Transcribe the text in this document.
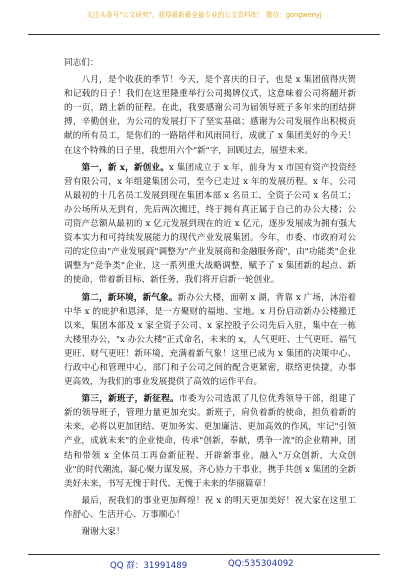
关注头条号"公文研究"，获得最新最全最专业的公文资料库！ 微信：gongwenyj

同志们：

八月，是个收获的季节！今天，是个喜庆的日子，也是 x 集团值得庆贺和记载的日子！我们在这里隆重举行公司揭牌仪式，这意味着公司将翻开新的一页，踏上新的征程。在此，我要感谢公司为届领导班子多年来的团结拼搏，辛勤创业，为公司的发展打下了坚实基础；感谢为公司发展作出积极贡献的所有员工，是你们的一路陪伴和风雨同行，成就了 x 集团美好的今天！在这个特殊的日子里，我想用六个"新"字，回顾过去，展望未来。

第一，新 x，新创业。x 集团成立于 x 年，前身为 x 市国有资产投资经营有限公司，x 年组建集团公司，至今已走过 x 年的发展历程。x 年，公司从最初的十几名员工发展到现在集团本部 x 名员工、全资子公司 x 名员工；办公场所从无到有，先后两次搬迁，终于拥有真正属于自己的办公大楼；公司资产总额从最初的 x 亿元发展到现在的近 x 亿元，逐步发展成为拥有强大资本实力和可持续发展能力的现代产业发展集团。今年，市委、市政府对公司的定位由"产业发展商"调整为"产业发展商和金融服务商"，由"功能类"企业调整为"竞争类"企业，这一系列重大战略调整，赋予了 x 集团新的起点、新的使命，带着新目标、新任务，我们将开启新一轮创业。

第二，新环境，新气象。新办公大楼，面朝 x 湖，背靠 x 广场，沐浴着中华 x 的庇护和恩泽，是一方聚财的福地、宝地。x 月份启动新办公楼搬迁以来，集团本部及 x 家全资子公司、x 家控股子公司先后入驻，集中在一栋大楼里办公，"x 办公大楼"正式命名，未来的 x，人气更旺、士气更旺、福气更旺、财气更旺！新环境，充满着新气象！这里已成为 x 集团的决策中心、行政中心和管理中心，部门和子公司之间的配合更紧密，联络更快捷，办事更高效，为我们的事业发展提供了高效的运作平台。

第三，新班子，新征程。市委为公司选派了几位优秀领导干部，组建了新的领导班子，管理力量更加充实。新班子，肩负着新的使命，担负着新的未来，必将以更加团结、更加务实、更加廉洁、更加高效的作风，牢记"引领产业，成就未来"的企业使命，传承"创新，奉献，勇争一流"的企业精神，团结和带领 x 全体员工再奋新征程、开辟新事业，融入"万众创新，大众创业"的时代潮流，凝心聚力谋发展，齐心协力干事业，携手共创 x 集团的全新美好未来，书写无愧于时代、无愧于未来的华丽篇章！

最后，祝我们的事业更加辉煌！祝 x 的明天更加美好！祝大家在这里工作舒心、生活开心、万事顺心！

谢谢大家！

QQ 群：31991489	QQ:535304092
